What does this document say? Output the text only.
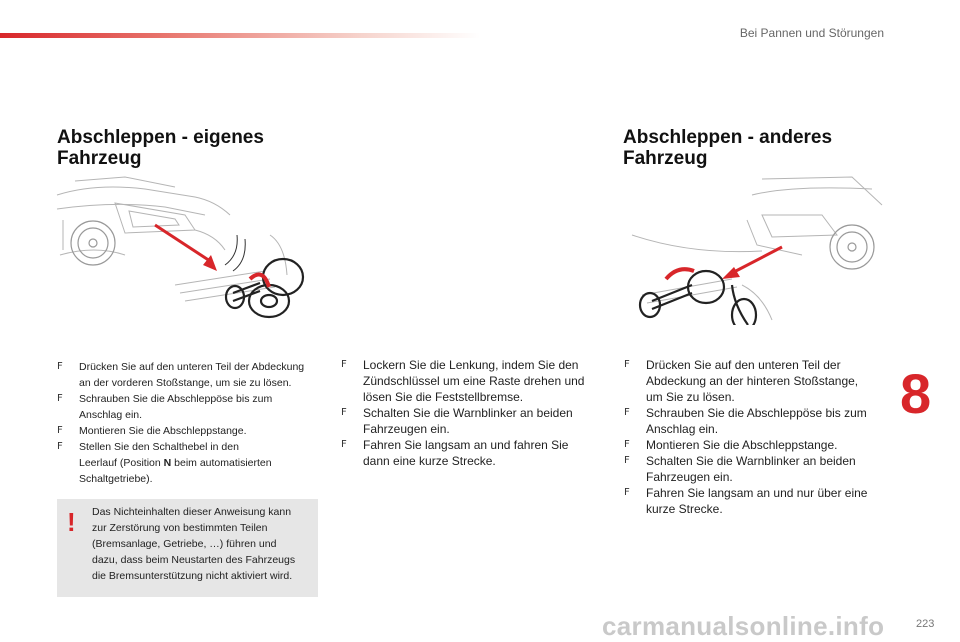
Bei Pannen und Störungen
Abschleppen - eigenes
Fahrzeug
Abschleppen - anderes
Fahrzeug
F Drücken Sie auf den unteren Teil der Abdeckung
an der vorderen Stoßstange, um sie zu lösen.
F Schrauben Sie die Abschleppöse bis zum
Anschlag ein.
F Montieren Sie die Abschleppstange.
F Stellen Sie den Schalthebel in den
Leerlauf (Position N beim automatisierten
Schaltgetriebe).
! Das Nichteinhalten dieser Anweisung kann
zur Zerstörung von bestimmten Teilen
(Bremsanlage, Getriebe, …) führen und
dazu, dass beim Neustarten des Fahrzeugs
die Bremsunterstützung nicht aktiviert wird.
F Lockern Sie die Lenkung, indem Sie den
Zündschlüssel um eine Raste drehen und
lösen Sie die Feststellbremse.
F Schalten Sie die Warnblinker an beiden
Fahrzeugen ein.
F Fahren Sie langsam an und fahren Sie
dann eine kurze Strecke.
F Drücken Sie auf den unteren Teil der
Abdeckung an der hinteren Stoßstange,
um Sie zu lösen.
F Schrauben Sie die Abschleppöse bis zum
Anschlag ein.
F Montieren Sie die Abschleppstange.
F Schalten Sie die Warnblinker an beiden
Fahrzeugen ein.
F Fahren Sie langsam an und nur über eine
kurze Strecke.
8
carmanualsonline.info	223
